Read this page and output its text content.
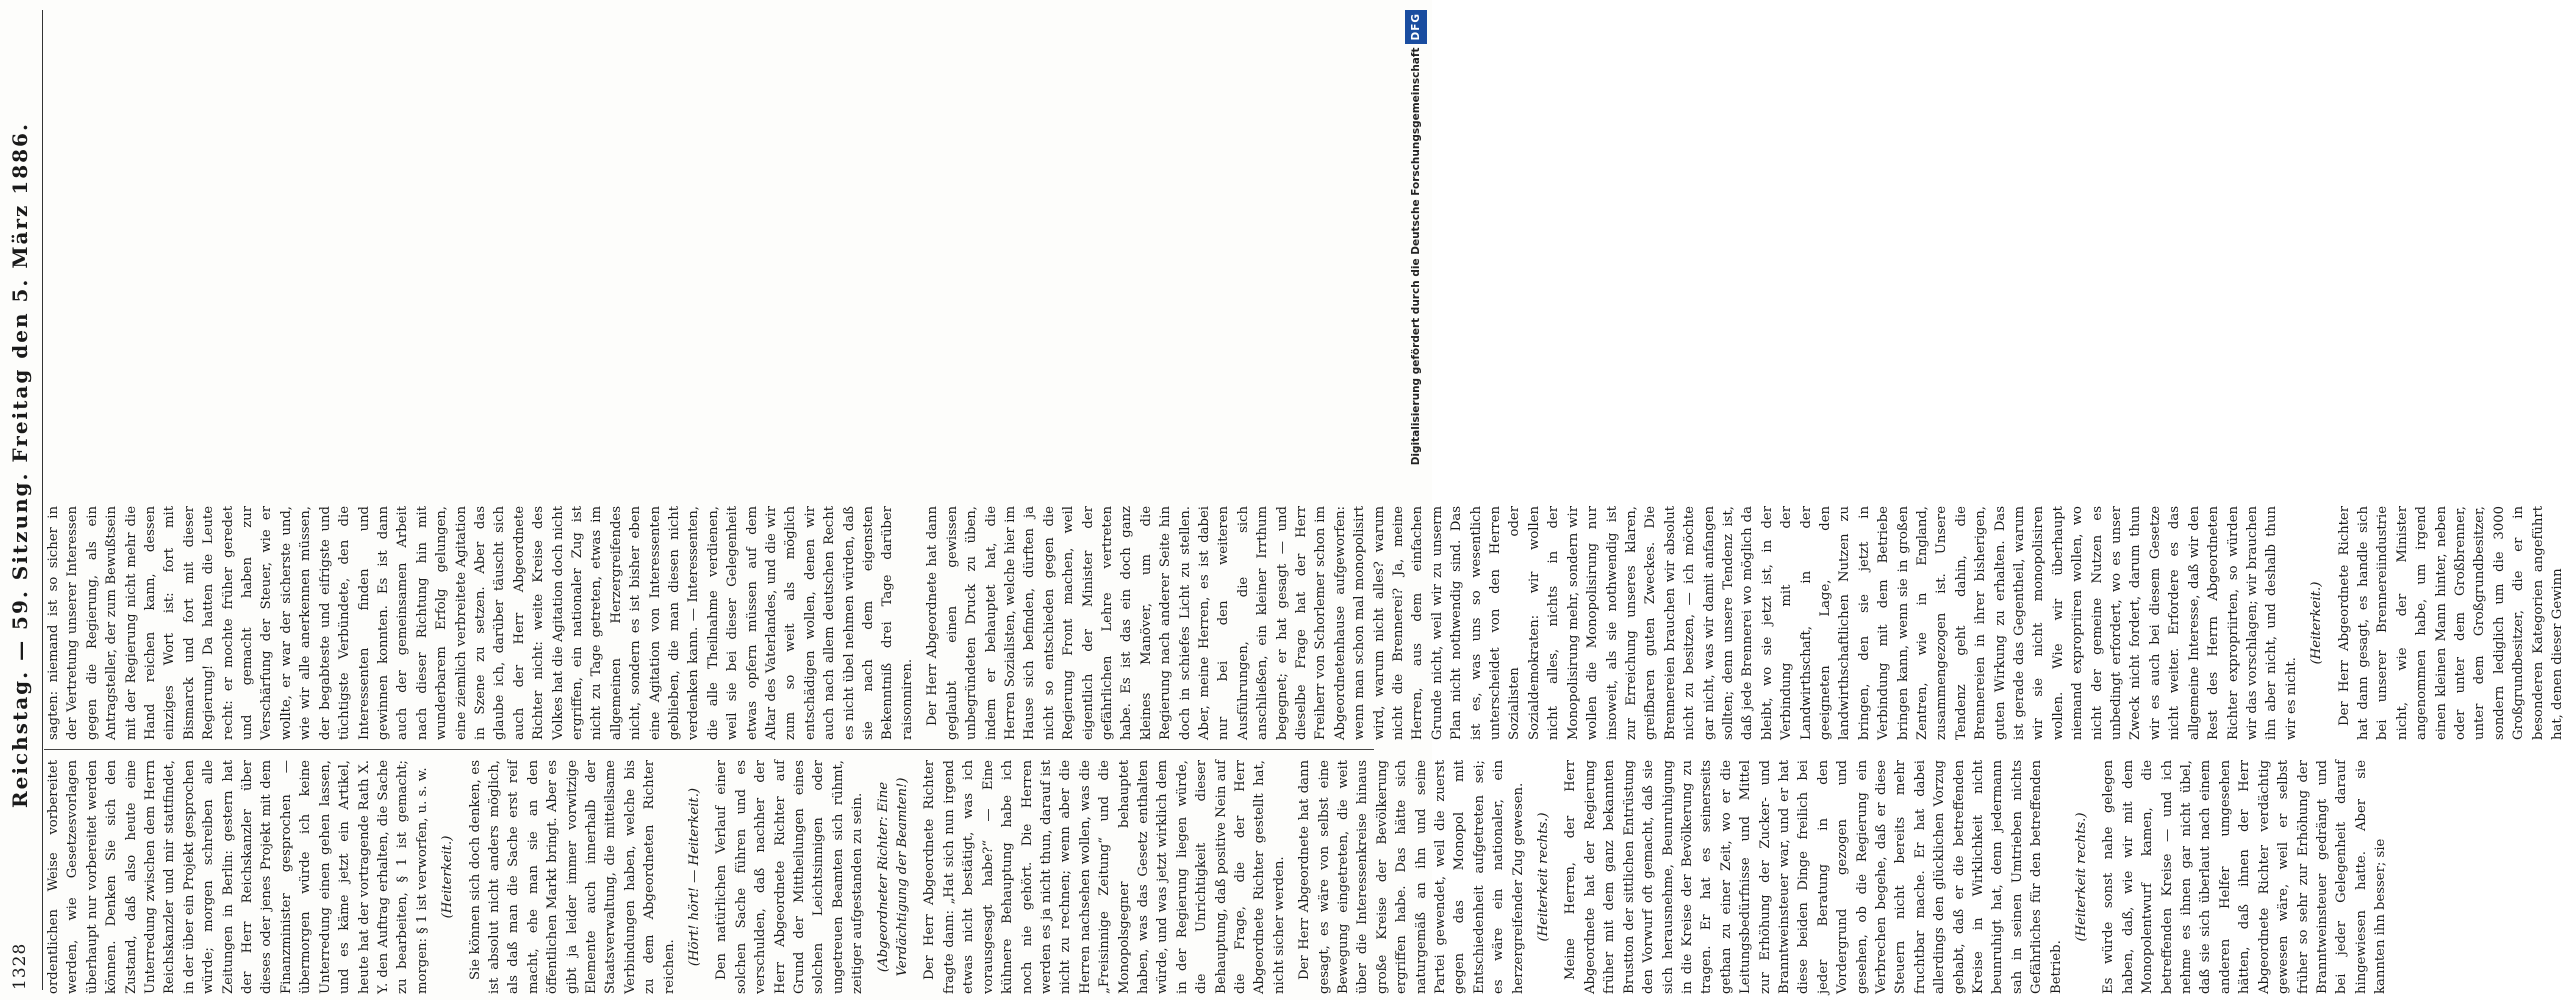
1328
Reichstag. — 59. Sitzung. Freitag den 5. März 1886.

ordentlichen Weise vorbereitet werden, wie Gesetzesvorlagen überhaupt nur vorbereitet werden können. Denken Sie sich den Zustand, daß also heute eine Unterredung zwischen dem Herrn Reichskanzler und mir stattfindet, in der über ein Projekt gesprochen würde; morgen schreiben alle Zeitungen in Berlin: gestern hat der Herr Reichskanzler über dieses oder jenes Projekt mit dem Finanzminister gesprochen — übermorgen würde ich keine Unterredung einen gehen lassen, und es käme jetzt ein Artikel, heute hat der vortragende Rath X. Y. den Auftrag erhalten, die Sache zu bearbeiten, § 1 ist gemacht; morgen: § 1 ist verworfen, u. s. w. (Heiterkeit.) Sie können sich doch denken, es ist absolut nicht anders möglich, als daß man die Sache erst reif macht, ehe man sie an den öffentlichen Markt bringt. Aber es gibt ja leider immer vorwitzige Elemente auch innerhalb der Staatsverwaltung, die mitteilsame Verbindungen haben, welche bis zu dem Abgeordneten Richter reichen.

(Hört! hört! — Heiterkeit.) Den natürlichen Verlauf einer solchen Sache führen und es verschulden, daß nachher der Herr Abgeordnete Richter auf Grund der Mittheilungen eines solchen Leichtsinnigen oder ungetreuen Beamten sich rühmt, zeitiger aufgestanden zu sein. (Abgeordneter Richter: Eine Verdächtigung der Beamten!) Der Herr Abgeordnete Richter fragte dann: „Hat sich nun irgend etwas nicht bestätigt, was ich vorausgesagt habe?“ — Eine kühnere Behauptung habe ich noch nie gehört. Die Herren werden es ja nicht thun, darauf ist nicht zu rechnen; wenn aber die Herren nachsehen wollen, was die „Freisinnige Zeitung“ und die Monopolsgegner behauptet haben, was das Gesetz enthalten würde, und was jetzt wirklich dem in der Regierung liegen würde, die Unrichtigkeit dieser Behauptung, daß positive Nein auf die Frage, die der Herr Abgeordnete Richter gestellt hat, nicht sicher werden. Der Herr Abgeordnete hat dann gesagt, es wäre von selbst eine Bewegung eingetreten, die weit über die Interessenkreise hinaus große Kreise der Bevölkerung ergriffen habe. Das hätte sich naturgemäß an ihn und seine Partei gewendet, weil die zuerst gegen das Monopol mit Entschiedenheit aufgetreten sei; es wäre ein nationaler, ein herzergreifender Zug gewesen. (Heiterkeit rechts.) Meine Herren, der Herr Abgeordnete hat der Regierung früher mit dem ganz bekannten Brustton der sittlichen Entrüstung den Vorwurf oft gemacht, daß sie sich herausnehme, Beunruhigung in die Kreise der Bevölkerung zu tragen. Er hat es seinerseits gethan zu einer Zeit, wo er die Leitungsbedürfnisse und Mittel zur Erhöhung der Zucker- und Branntweinsteuer war, und er hat diese beiden Dinge freilich bei jeder Beratung in den Vordergrund gezogen und gesehen, ob die Regierung ein Verbrechen begehe, daß er diese Steuern nicht bereits mehr fruchtbar mache. Er hat dabei allerdings den glücklichen Vorzug gehabt, daß er die betreffenden Kreise in Wirklichkeit nicht beunruhigt hat, denn jedermann sah in seinen Umtrieben nichts Gefährliches für den betreffenden Betrieb.

(Heiterkeit rechts.) Es würde sonst nahe gelegen haben, daß, wie wir mit dem Monopolentwurf kamen, die betreffenden Kreise — und ich nehme es ihnen gar nicht übel, daß sie sich überlaut nach einem anderen Helfer umgesehen hätten, daß ihnen der Herr Abgeordnete Richter verdächtig gewesen wäre, weil er selbst früher so sehr zur Erhöhung der Branntweinsteuer gedrängt und bei jeder Gelegenheit darauf hingewiesen hatte. Aber sie kannten ihn besser; sie

sagten: niemand ist so sicher in der Vertretung unserer Interessen gegen die Regierung, als ein Antragsteller, der zum Bewußtsein mit der Regierung nicht mehr die Hand reichen kann, dessen einziges Wort ist: fort mit Bismarck und fort mit dieser Regierung! Da hatten die Leute recht: er mochte früher geredet und gemacht haben zur Verschärfung der Steuer, wie er wollte, er war der sicherste und, wie wir alle anerkennen müssen, der begabteste und eifrigste und tüchtigste Verbündete, den die Interessenten finden und gewinnen konnten. Es ist dann auch der gemeinsamen Arbeit nach dieser Richtung hin mit wunderbarem Erfolg gelungen, eine ziemlich verbreitete Agitation in Szene zu setzen. Aber das glaube ich, darüber täuscht sich auch der Herr Abgeordnete Richter nicht: weite Kreise des Volkes hat die Agitation doch nicht ergriffen, ein nationaler Zug ist nicht zu Tage getreten, etwas im allgemeinen Herzergreifendes nicht, sondern es ist bisher eben eine Agitation von Interessenten geblieben, die man diesen nicht verdenken kann. — Interessenten, die alle Theilnahme verdienen, weil sie bei dieser Gelegenheit etwas opfern müssen auf dem Altar des Vaterlandes, und die wir zum so weit als möglich entschädigen wollen, denen wir auch nach allem deutschen Recht es nicht übel nehmen würden, daß sie nach dem eigensten Bekenntniß drei Tage darüber raisonniren. Der Herr Abgeordnete hat dann geglaubt einen gewissen unbegründeten Druck zu üben, indem er behauptet hat, die Herren Sozialisten, welche hier im Hause sich befinden, dürften ja nicht so entschieden gegen die Regierung Front machen, weil eigentlich der Minister der gefährlichen Lehre vertreten habe. Es ist das ein doch ganz kleines Manöver, um die Regierung nach anderer Seite hin doch in schiefes Licht zu stellen. Aber, meine Herren, es ist dabei nur bei den weiteren Ausführungen, die sich anschließen, ein kleiner Irrthum begegnet; er hat gesagt — und dieselbe Frage hat der Herr Freiherr von Schorlemer schon im Abgeordnetenhause aufgeworfen: wenn man schon mal monopolisirt wird, warum nicht alles? warum nicht die Brennerei? Ja, meine Herren, aus dem einfachen Grunde nicht, weil wir zu unserm Plan nicht nothwendig sind. Das ist es, was uns so wesentlich unterscheidet von den Herren Sozialisten oder Sozialdemokraten: wir wollen nicht alles, nichts in der Monopolisirung mehr, sondern wir wollen die Monopolisirung nur insoweit, als sie nothwendig ist zur Erreichung unseres klaren, greifbaren guten Zweckes. Die Brennereien brauchen wir absolut nicht zu besitzen, — ich möchte gar nicht, was wir damit anfangen sollten; denn unsere Tendenz ist, daß jede Brennerei wo möglich da bleibt, wo sie jetzt ist, in der Verbindung mit der Landwirthschaft, in der geeigneten Lage, den landwirthschaftlichen Nutzen zu bringen, den sie jetzt in Verbindung mit dem Betriebe bringen kann, wenn sie in großen Zentren, wie in England, zusammengezogen ist. Unsere Tendenz geht dahin, die Brennereien in ihrer bisherigen, guten Wirkung zu erhalten. Das ist gerade das Gegentheil, warum wir sie nicht monopolisiren wollen. Wie wir überhaupt niemand expropriiren wollen, wo nicht der gemeine Nutzen es unbedingt erfordert, wo es unser Zweck nicht fordert, darum thun wir es auch bei diesem Gesetze nicht weiter. Erfordere es das allgemeine Interesse, daß wir den Rest des Herrn Abgeordneten Richter expropriirten, so würden wir das vorschlagen; wir brauchen ihn aber nicht, und deshalb thun wir es nicht.

(Heiterkeit.) Der Herr Abgeordnete Richter hat dann gesagt, es handle sich bei unserer Brennereiindustrie nicht, wie der Minister angenommen habe, um irgend einen kleinen Mann hinter, neben oder unter dem Großbrenner, unter dem Großgrundbesitzer, sondern lediglich um die 3000 Großgrundbesitzer, die er in besonderen Kategorien angeführt hat, denen dieser Gewinn

Digitalisierung gefördert durch die Deutsche ForschungsgemeinschaftDFG
